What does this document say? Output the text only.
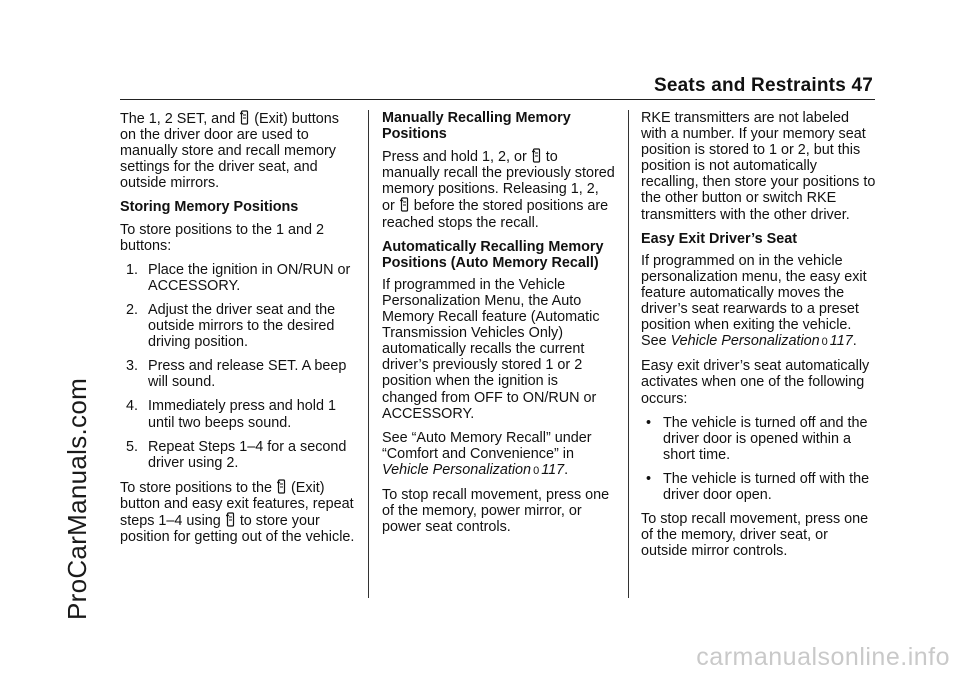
Seats and Restraints 47
ProCarManuals.com

The 1, 2 SET, and (Exit) buttons on the driver door are used to manually store and recall memory settings for the driver seat, and outside mirrors.

Storing Memory Positions

To store positions to the 1 and 2 buttons:

1. Place the ignition in ON/RUN or ACCESSORY.
2. Adjust the driver seat and the outside mirrors to the desired driving position.
3. Press and release SET. A beep will sound.
4. Immediately press and hold 1 until two beeps sound.
5. Repeat Steps 1–4 for a second driver using 2.

To store positions to the (Exit) button and easy exit features, repeat steps 1–4 using to store your position for getting out of the vehicle.

Manually Recalling Memory Positions

Press and hold 1, 2, or to manually recall the previously stored memory positions. Releasing 1, 2, or before the stored positions are reached stops the recall.

Automatically Recalling Memory Positions (Auto Memory Recall)

If programmed in the Vehicle Personalization Menu, the Auto Memory Recall feature (Automatic Transmission Vehicles Only) automatically recalls the current driver’s previously stored 1 or 2 position when the ignition is changed from OFF to ON/RUN or ACCESSORY.

See “Auto Memory Recall” under “Comfort and Convenience” in Vehicle Personalization 0 117.

To stop recall movement, press one of the memory, power mirror, or power seat controls.

RKE transmitters are not labeled with a number. If your memory seat position is stored to 1 or 2, but this position is not automatically recalling, then store your positions to the other button or switch RKE transmitters with the other driver.

Easy Exit Driver’s Seat

If programmed on in the vehicle personalization menu, the easy exit feature automatically moves the driver’s seat rearwards to a preset position when exiting the vehicle. See Vehicle Personalization 0 117.

Easy exit driver’s seat automatically activates when one of the following occurs:

• The vehicle is turned off and the driver door is opened within a short time.
• The vehicle is turned off with the driver door open.

To stop recall movement, press one of the memory, driver seat, or outside mirror controls.

carmanualsonline.info
